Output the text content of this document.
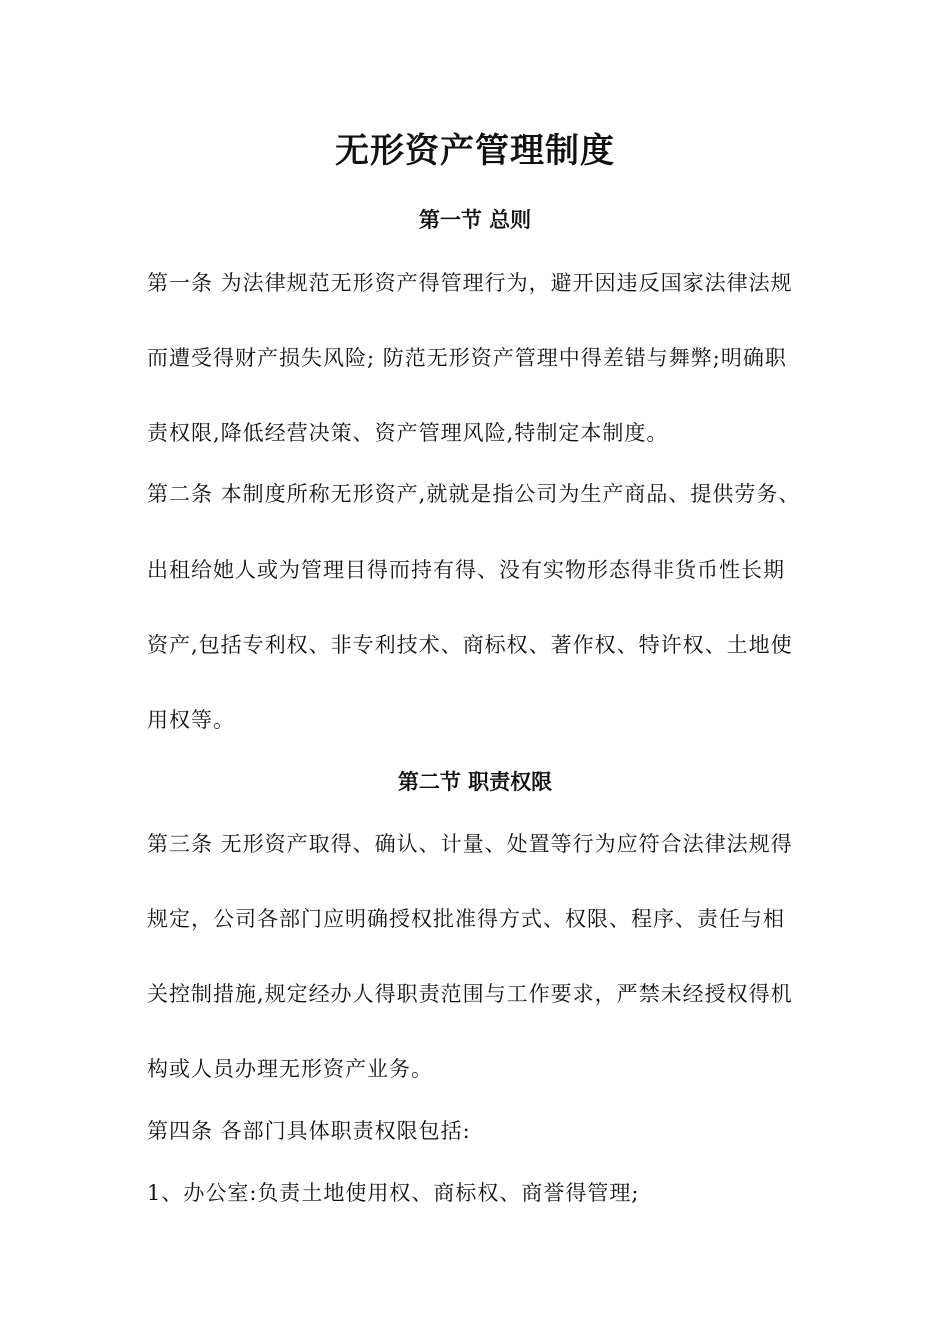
无形资产管理制度
第一节 总则
第一条 为法律规范无形资产得管理行为，避开因违反国家法律法规
而遭受得财产损失风险; 防范无形资产管理中得差错与舞弊;明确职
责权限,降低经营决策、资产管理风险,特制定本制度。
第二条 本制度所称无形资产,就就是指公司为生产商品、提供劳务、
出租给她人或为管理目得而持有得、没有实物形态得非货币性长期
资产,包括专利权、非专利技术、商标权、著作权、特许权、土地使
用权等。
第二节 职责权限
第三条 无形资产取得、确认、计量、处置等行为应符合法律法规得
规定，公司各部门应明确授权批准得方式、权限、程序、责任与相
关控制措施,规定经办人得职责范围与工作要求，严禁未经授权得机
构或人员办理无形资产业务。
第四条 各部门具体职责权限包括:
1、办公室:负责土地使用权、商标权、商誉得管理;
